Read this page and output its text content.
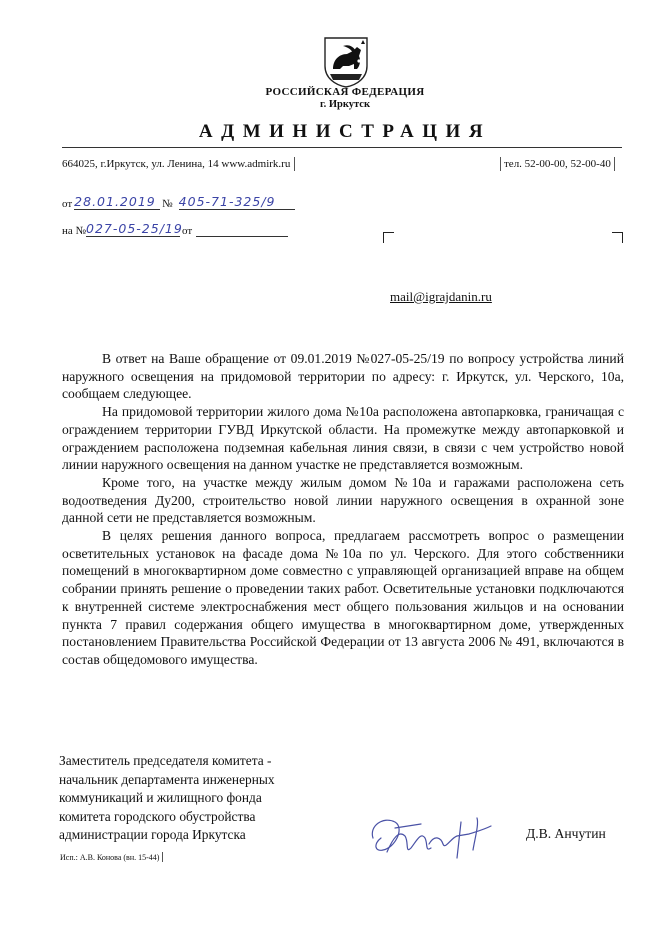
РОССИЙСКАЯ ФЕДЕРАЦИЯ
г. Иркутск
АДМИНИСТРАЦИЯ
664025, г.Иркутск, ул. Ленина, 14 www.admirk.ru	тел. 52-00-00, 52-00-40
от 28.01.2019 № 405-71-325/9
на № 027-05-25/19 от
mail@igrajdanin.ru

В ответ на Ваше обращение от 09.01.2019 №027-05-25/19 по вопросу устройства линий наружного освещения на придомовой территории по адресу: г. Иркутск, ул. Черского, 10а, сообщаем следующее.

На придомовой территории жилого дома №10а расположена автопарковка, граничащая с ограждением территории ГУВД Иркутской области. На промежутке между автопарковкой и ограждением расположена подземная кабельная линия связи, в связи с чем устройство новой линии наружного освещения на данном участке не представляется возможным.

Кроме того, на участке между жилым домом №10а и гаражами расположена сеть водоотведения Ду200, строительство новой линии наружного освещения в охранной зоне данной сети не представляется возможным.

В целях решения данного вопроса, предлагаем рассмотреть вопрос о размещении осветительных установок на фасаде дома №10а по ул. Черского. Для этого собственники помещений в многоквартирном доме совместно с управляющей организацией вправе на общем собрании принять решение о проведении таких работ. Осветительные установки подключаются к внутренней системе электроснабжения мест общего пользования жильцов и на основании пункта 7 правил содержания общего имущества в многоквартирном доме, утвержденных постановлением Правительства Российской Федерации от 13 августа 2006 № 491, включаются в состав общедомового имущества.

Заместитель председателя комитета -
начальник департамента инженерных
коммуникаций и жилищного фонда
комитета городского обустройства
администрации города Иркутска	Д.В. Анчутин
Исп.: А.В. Конова (вн. 15-44)
